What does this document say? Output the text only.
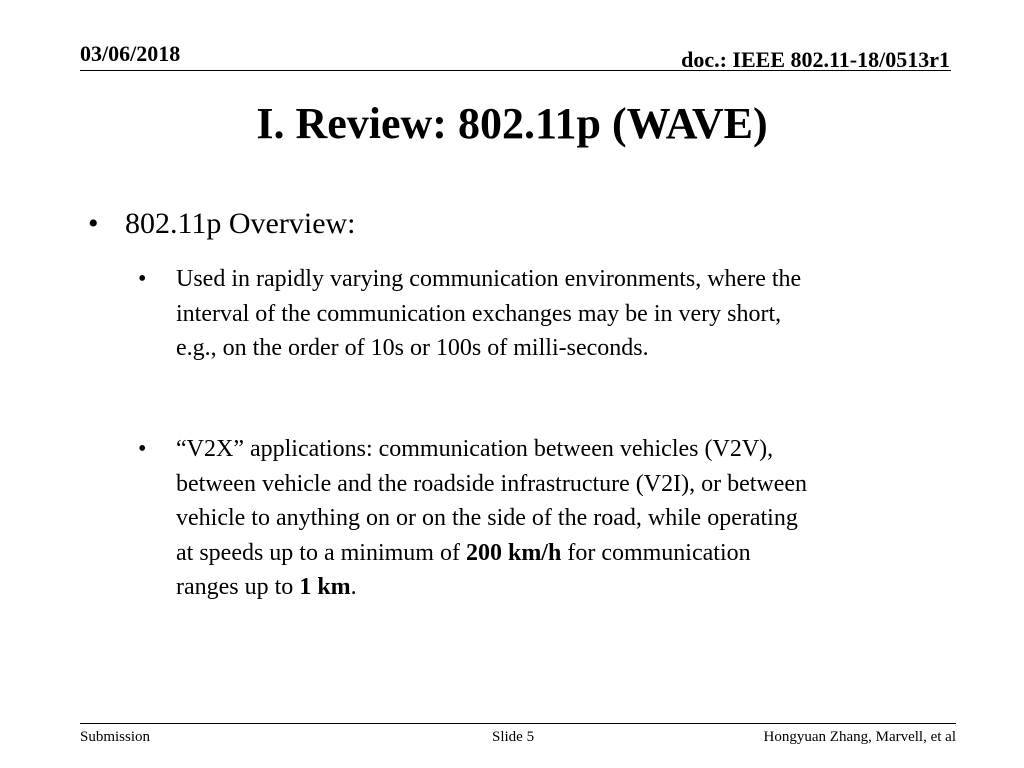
03/06/2018	doc.: IEEE 802.11-18/0513r1
I. Review: 802.11p (WAVE)
• 802.11p Overview:
• Used in rapidly varying communication environments, where the
interval of the communication exchanges may be in very short,
e.g., on the order of 10s or 100s of milli-seconds.
• “V2X” applications: communication between vehicles (V2V),
between vehicle and the roadside infrastructure (V2I), or between
vehicle to anything on or on the side of the road, while operating
at speeds up to a minimum of 200 km/h for communication
ranges up to 1 km.
Submission	Slide 5	Hongyuan Zhang, Marvell, et al
